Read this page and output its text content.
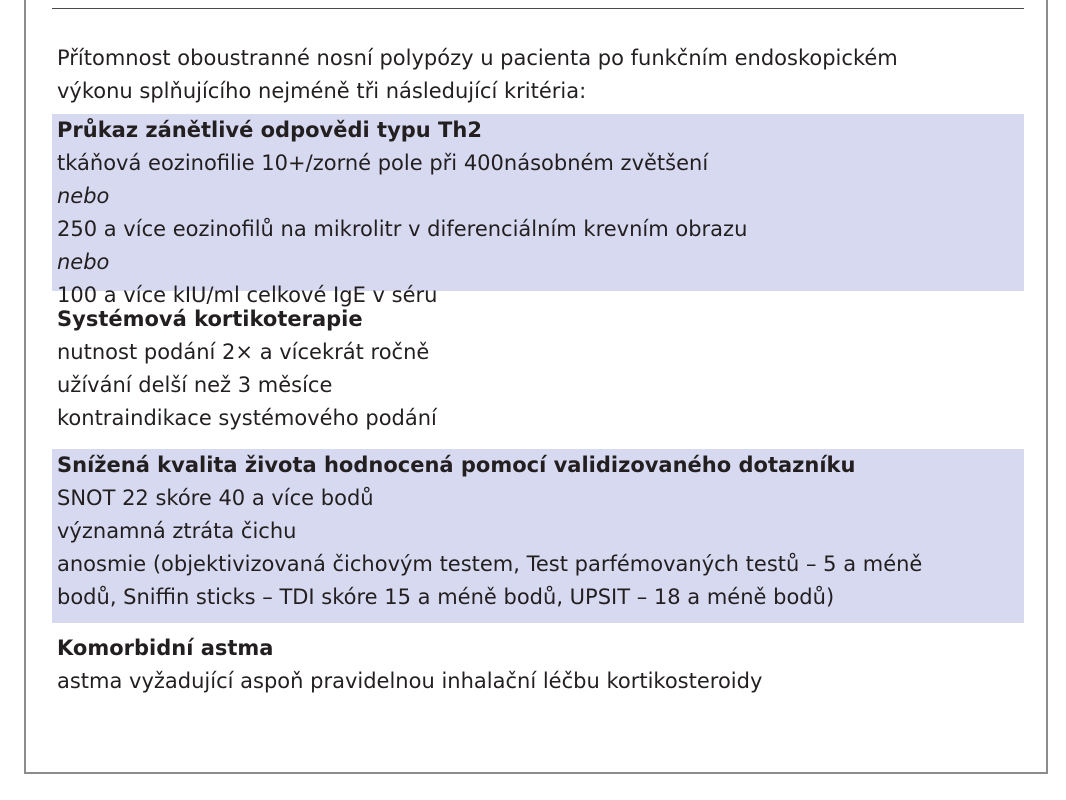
Přítomnost oboustranné nosní polypózy u pacienta po funkčním endoskopickém
výkonu splňujícího nejméně tři následující kritéria:

Průkaz zánětlivé odpovědi typu Th2
tkáňová eozinofilie 10+/zorné pole při 400násobném zvětšení
nebo
250 a více eozinofilů na mikrolitr v diferenciálním krevním obrazu
nebo
100 a více kIU/ml celkové IgE v séru
Systémová kortikoterapie
nutnost podání 2× a vícekrát ročně
užívání delší než 3 měsíce
kontraindikace systémového podání
Snížená kvalita života hodnocená pomocí validizovaného dotazníku
SNOT 22 skóre 40 a více bodů
významná ztráta čichu
anosmie (objektivizovaná čichovým testem, Test parfémovaných testů – 5 a méně
bodů, Sniffin sticks – TDI skóre 15 a méně bodů, UPSIT – 18 a méně bodů)
Komorbidní astma
astma vyžadující aspoň pravidelnou inhalační léčbu kortikosteroidy
